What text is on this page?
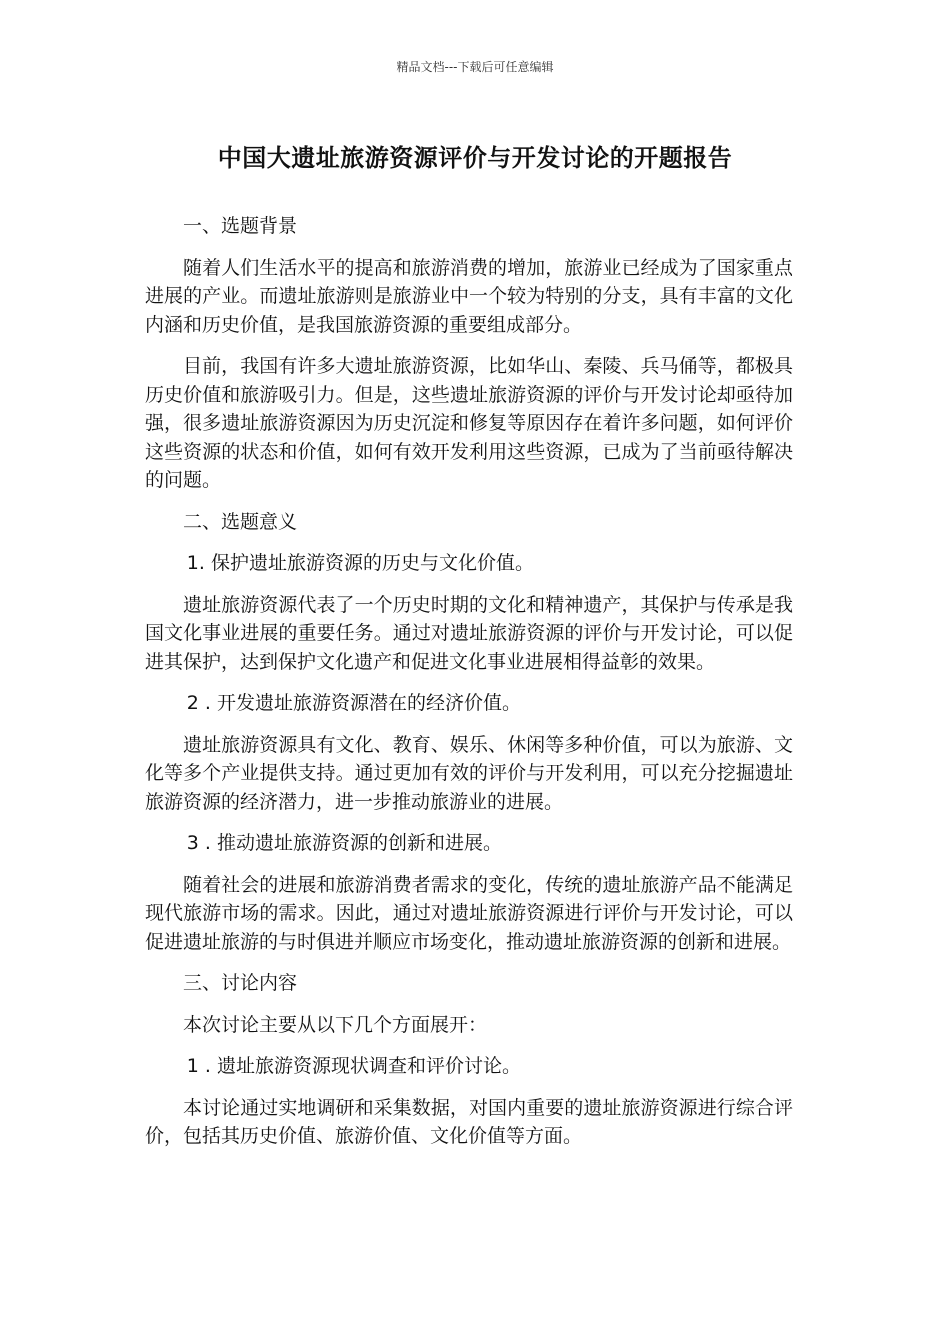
精品文档---下载后可任意编辑
中国大遗址旅游资源评价与开发讨论的开题报告

一、选题背景

随着人们生活水平的提高和旅游消费的增加，旅游业已经成为了国家重点进展的产业。而遗址旅游则是旅游业中一个较为特别的分支，具有丰富的文化内涵和历史价值，是我国旅游资源的重要组成部分。

目前，我国有许多大遗址旅游资源，比如华山、秦陵、兵马俑等，都极具历史价值和旅游吸引力。但是，这些遗址旅游资源的评价与开发讨论却亟待加强，很多遗址旅游资源因为历史沉淀和修复等原因存在着许多问题，如何评价这些资源的状态和价值，如何有效开发利用这些资源，已成为了当前亟待解决的问题。

二、选题意义

1. 保护遗址旅游资源的历史与文化价值。

遗址旅游资源代表了一个历史时期的文化和精神遗产，其保护与传承是我国文化事业进展的重要任务。通过对遗址旅游资源的评价与开发讨论，可以促进其保护，达到保护文化遗产和促进文化事业进展相得益彰的效果。

2 . 开发遗址旅游资源潜在的经济价值。

遗址旅游资源具有文化、教育、娱乐、休闲等多种价值，可以为旅游、文化等多个产业提供支持。通过更加有效的评价与开发利用，可以充分挖掘遗址旅游资源的经济潜力，进一步推动旅游业的进展。

3 . 推动遗址旅游资源的创新和进展。

随着社会的进展和旅游消费者需求的变化，传统的遗址旅游产品不能满足现代旅游市场的需求。因此，通过对遗址旅游资源进行评价与开发讨论，可以促进遗址旅游的与时俱进并顺应市场变化，推动遗址旅游资源的创新和进展。

三、讨论内容

本次讨论主要从以下几个方面展开：

1 . 遗址旅游资源现状调查和评价讨论。

本讨论通过实地调研和采集数据，对国内重要的遗址旅游资源进行综合评价，包括其历史价值、旅游价值、文化价值等方面。
